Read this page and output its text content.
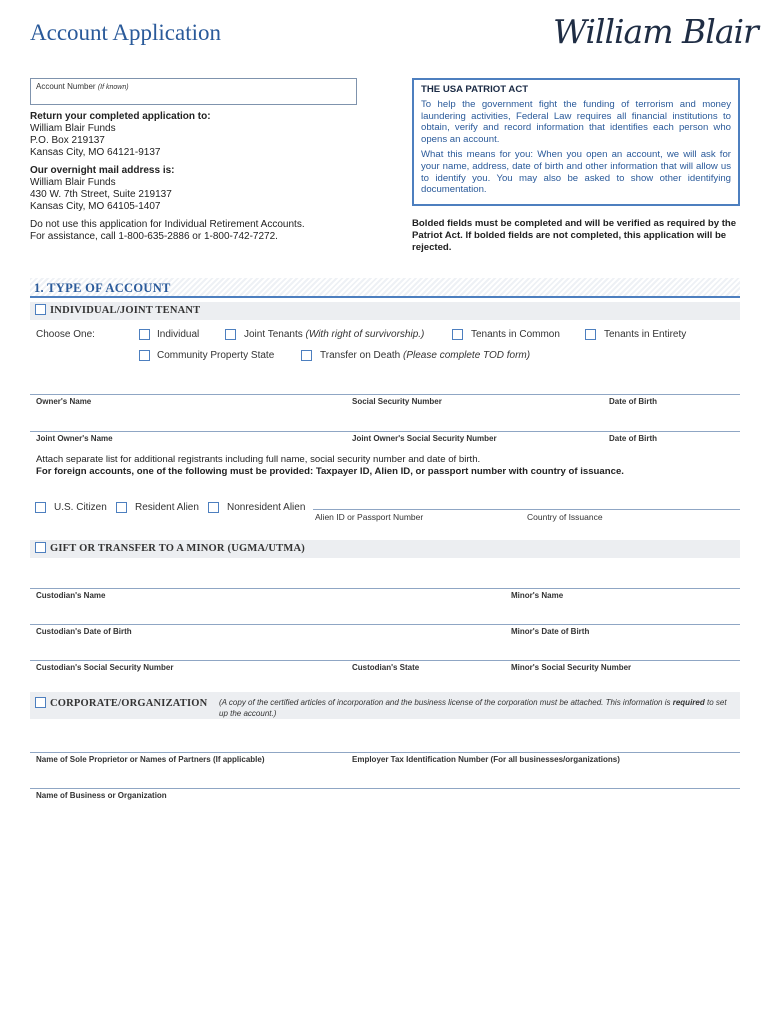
Account Application	William Blair
Account Number (If known)
Return your completed application to:
William Blair Funds
P.O. Box 219137
Kansas City, MO 64121-9137
Our overnight mail address is:
William Blair Funds
430 W. 7th Street, Suite 219137
Kansas City, MO 64105-1407
Do not use this application for Individual Retirement Accounts.
For assistance, call 1-800-635-2886 or 1-800-742-7272.

THE USA PATRIOT ACT

To help the government fight the funding of terrorism and money laundering activities, Federal Law requires all financial institutions to obtain, verify and record information that identifies each person who opens an account.

What this means for you: When you open an account, we will ask for your name, address, date of birth and other information that will allow us to identify you. You may also be asked to show other identifying documentation.

Bolded fields must be completed and will be verified as required by the Patriot Act. If bolded fields are not completed, this application will be rejected.
1. TYPE OF ACCOUNT
INDIVIDUAL/JOINT TENANT
Choose One:	Individual	Joint Tenants (With right of survivorship.)	Tenants in Common	Tenants in Entirety
Community Property State	Transfer on Death (Please complete TOD form)
Owner's Name	Social Security Number	Date of Birth
Joint Owner's Name	Joint Owner's Social Security Number	Date of Birth
Attach separate list for additional registrants including full name, social security number and date of birth.
For foreign accounts, one of the following must be provided: Taxpayer ID, Alien ID, or passport number with country of issuance.
U.S. Citizen	Resident Alien	Nonresident Alien
Alien ID or Passport Number	Country of Issuance
GIFT OR TRANSFER TO A MINOR (UGMA/UTMA)
Custodian's Name	Minor's Name
Custodian's Date of Birth	Minor's Date of Birth
Custodian's Social Security Number	Custodian's State	Minor's Social Security Number
CORPORATE/ORGANIZATION (A copy of the certified articles of incorporation and the business license of the corporation must be attached. This information is required to set up the account.)
Name of Sole Proprietor or Names of Partners (If applicable)	Employer Tax Identification Number (For all businesses/organizations)
Name of Business or Organization
